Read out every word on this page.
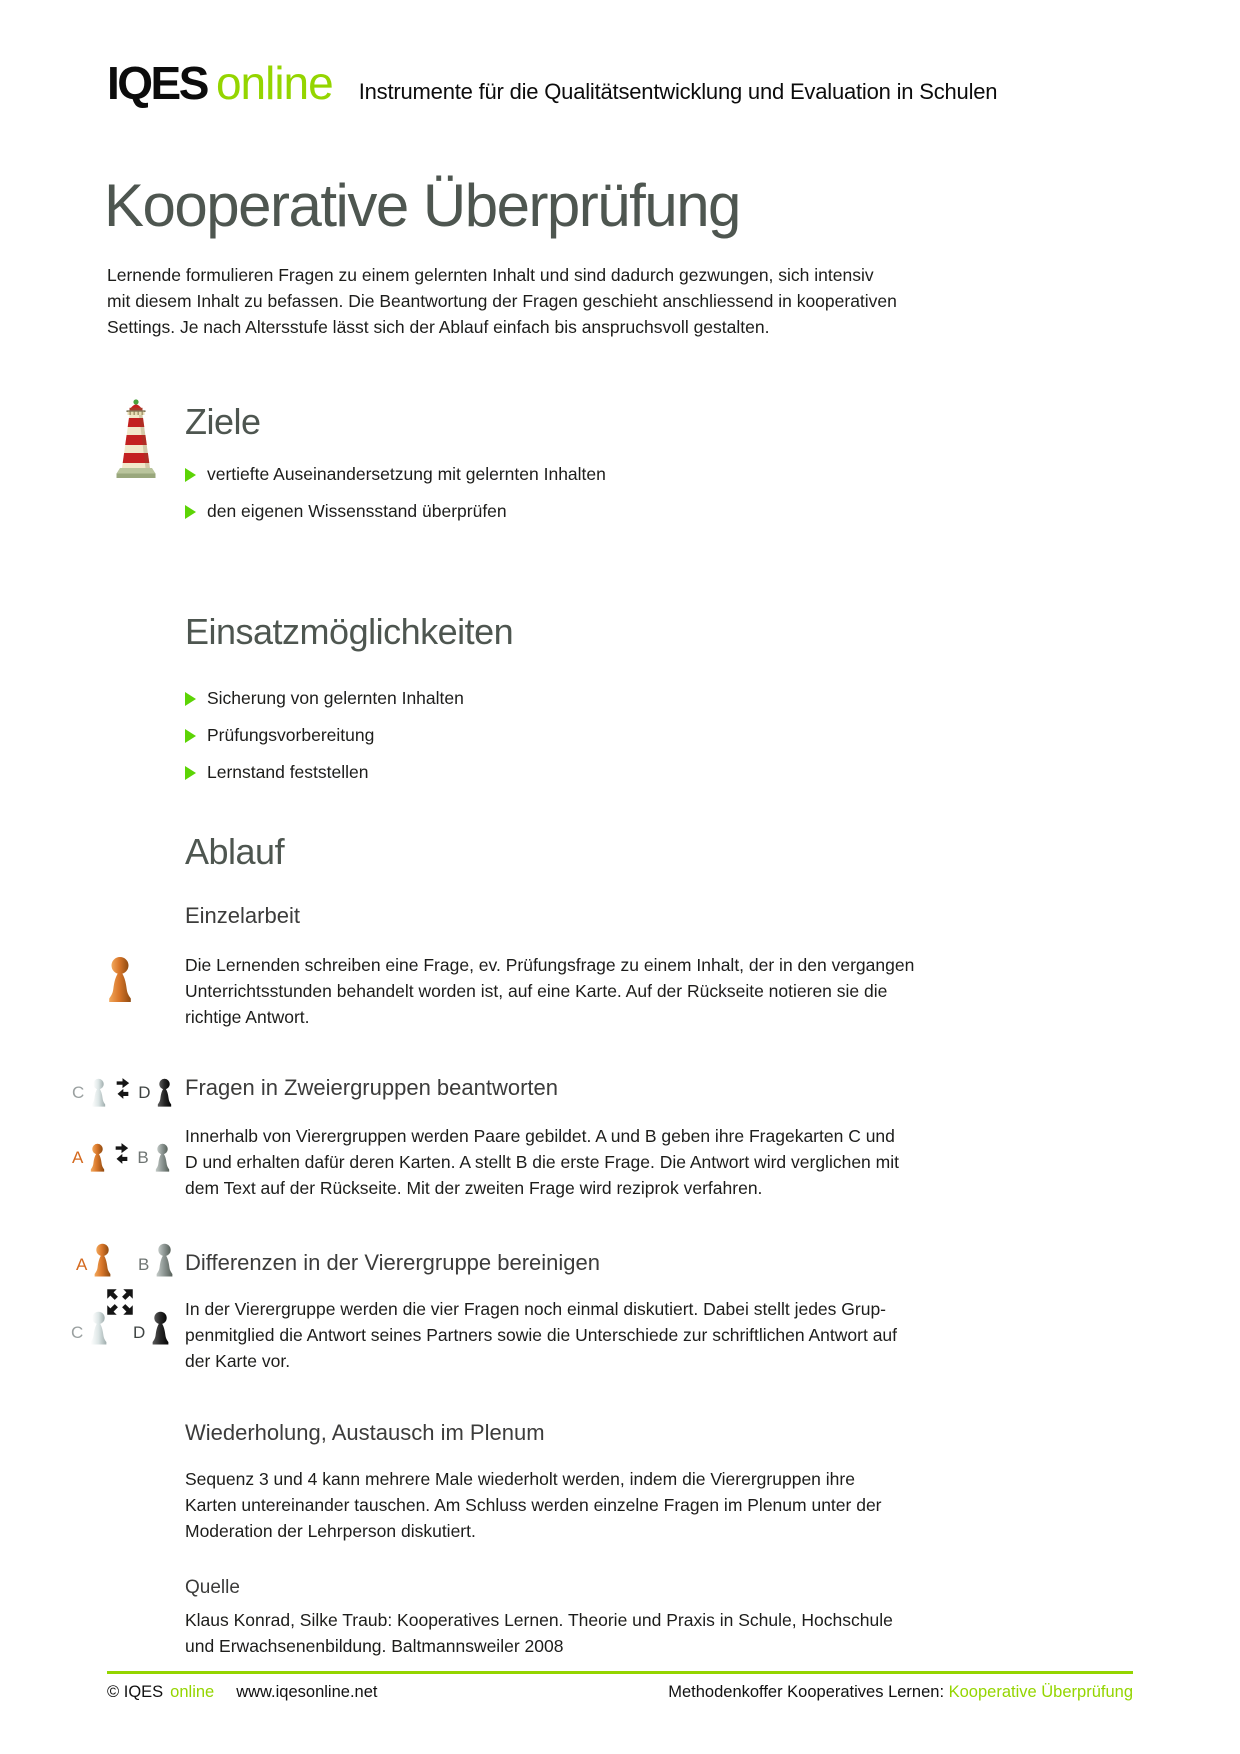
IQES online Instrumente für die Qualitätsentwicklung und Evaluation in Schulen
Kooperative Überprüfung
Lernende formulieren Fragen zu einem gelernten Inhalt und sind dadurch gezwungen, sich intensiv
mit diesem Inhalt zu befassen. Die Beantwortung der Fragen geschieht anschliessend in kooperativen
Settings. Je nach Altersstufe lässt sich der Ablauf einfach bis anspruchsvoll gestalten.
Ziele
vertiefte Auseinandersetzung mit gelernten Inhalten
den eigenen Wissensstand überprüfen
Einsatzmöglichkeiten
Sicherung von gelernten Inhalten
Prüfungsvorbereitung
Lernstand feststellen
Ablauf
Einzelarbeit
Die Lernenden schreiben eine Frage, ev. Prüfungsfrage zu einem Inhalt, der in den vergangen
Unterrichtsstunden behandelt worden ist, auf eine Karte. Auf der Rückseite notieren sie die
richtige Antwort.
Fragen in Zweiergruppen beantworten
C	D
A	B
Innerhalb von Vierergruppen werden Paare gebildet. A und B geben ihre Fragekarten C und
D und erhalten dafür deren Karten. A stellt B die erste Frage. Die Antwort wird verglichen mit
dem Text auf der Rückseite. Mit der zweiten Frage wird reziprok verfahren.
Differenzen in der Vierergruppe bereinigen
A	B
C	D
In der Vierergruppe werden die vier Fragen noch einmal diskutiert. Dabei stellt jedes Grup-
penmitglied die Antwort seines Partners sowie die Unterschiede zur schriftlichen Antwort auf
der Karte vor.
Wiederholung, Austausch im Plenum
Sequenz 3 und 4 kann mehrere Male wiederholt werden, indem die Vierergruppen ihre
Karten untereinander tauschen. Am Schluss werden einzelne Fragen im Plenum unter der
Moderation der Lehrperson diskutiert.
Quelle
Klaus Konrad, Silke Traub: Kooperatives Lernen. Theorie und Praxis in Schule, Hochschule
und Erwachsenenbildung. Baltmannsweiler 2008
© IQES online www.iqesonline.net	Methodenkoffer Kooperatives Lernen: Kooperative Überprüfung
